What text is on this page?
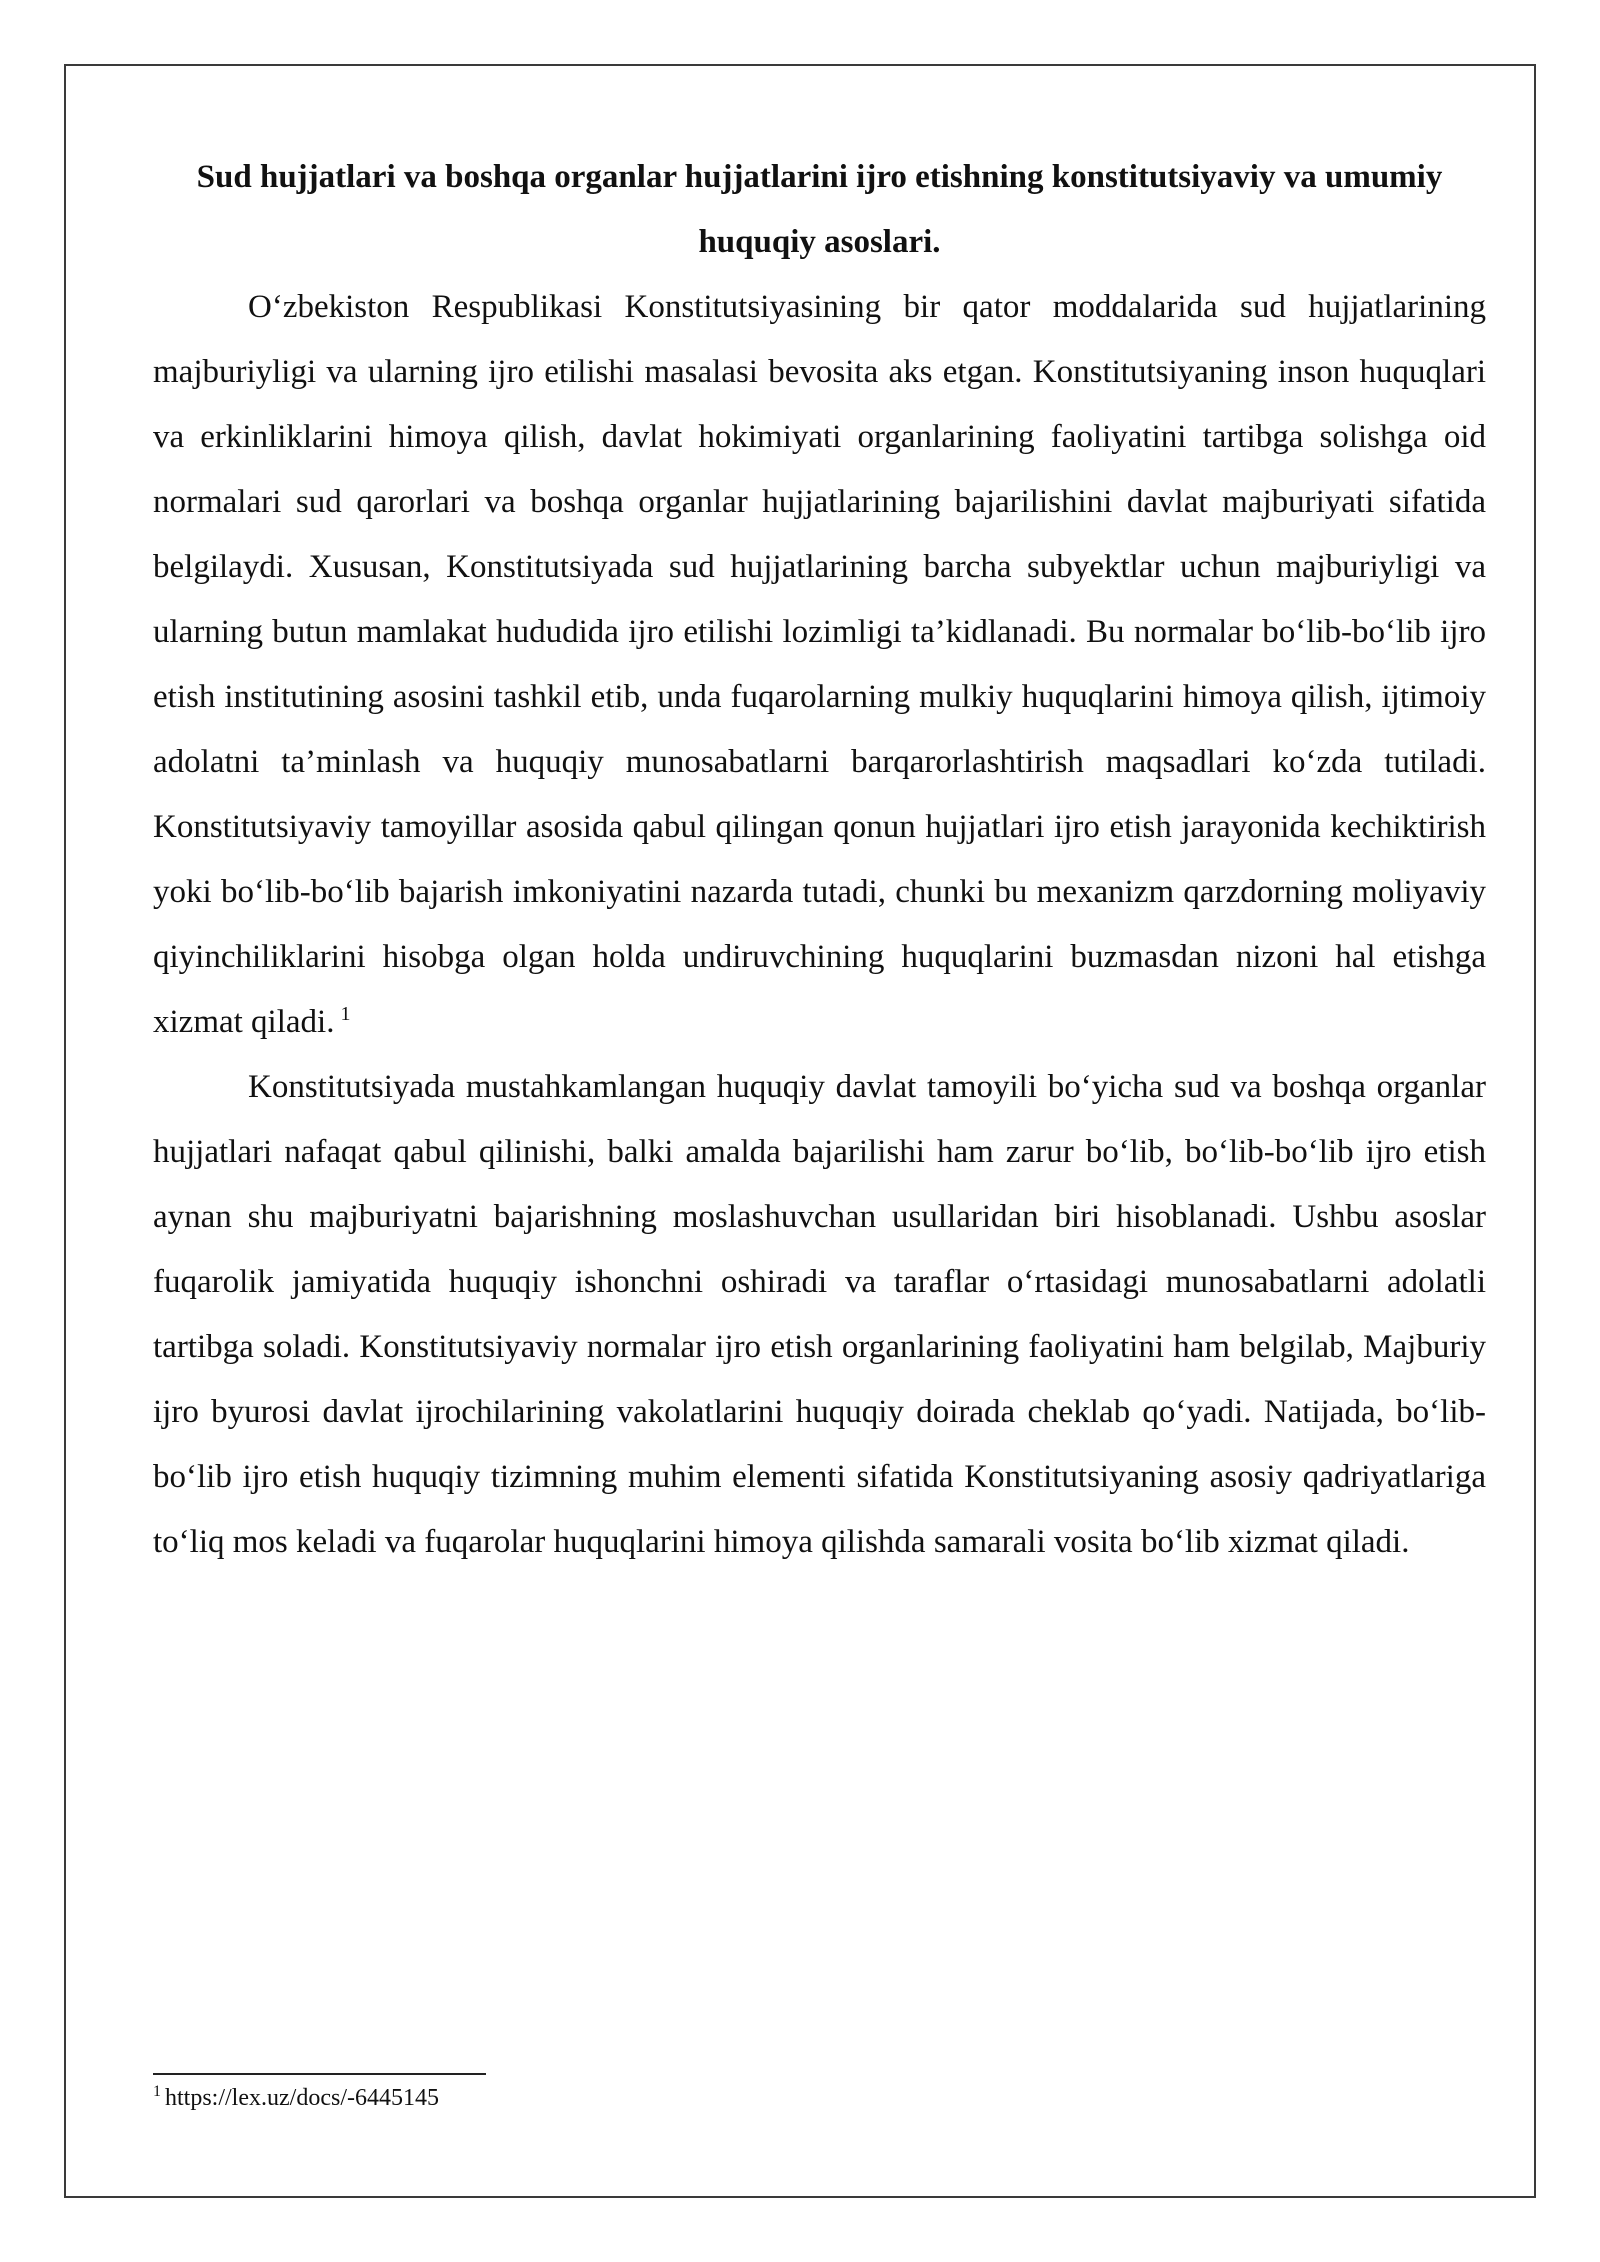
Sud hujjatlari va boshqa organlar hujjatlarini ijro etishning konstitutsiyaviy va umumiy huquqiy asoslari.

O‘zbekiston Respublikasi Konstitutsiyasining bir qator moddalarida sud hujjatlarining majburiyligi va ularning ijro etilishi masalasi bevosita aks etgan. Konstitutsiyaning inson huquqlari va erkinliklarini himoya qilish, davlat hokimiyati organlarining faoliyatini tartibga solishga oid normalari sud qarorlari va boshqa organlar hujjatlarining bajarilishini davlat majburiyati sifatida belgilaydi. Xususan, Konstitutsiyada sud hujjatlarining barcha subyektlar uchun majburiyligi va ularning butun mamlakat hududida ijro etilishi lozimligi ta’kidlanadi. Bu normalar bo‘lib-bo‘lib ijro etish institutining asosini tashkil etib, unda fuqarolarning mulkiy huquqlarini himoya qilish, ijtimoiy adolatni ta’minlash va huquqiy munosabatlarni barqarorlashtirish maqsadlari ko‘zda tutiladi. Konstitutsiyaviy tamoyillar asosida qabul qilingan qonun hujjatlari ijro etish jarayonida kechiktirish yoki bo‘lib-bo‘lib bajarish imkoniyatini nazarda tutadi, chunki bu mexanizm qarzdorning moliyaviy qiyinchiliklarini hisobga olgan holda undiruvchining huquqlarini buzmasdan nizoni hal etishga xizmat qiladi. $^1$

Konstitutsiyada mustahkamlangan huquqiy davlat tamoyili bo‘yicha sud va boshqa organlar hujjatlari nafaqat qabul qilinishi, balki amalda bajarilishi ham zarur bo‘lib, bo‘lib-bo‘lib ijro etish aynan shu majburiyatni bajarishning moslashuvchan usullaridan biri hisoblanadi. Ushbu asoslar fuqarolik jamiyatida huquqiy ishonchni oshiradi va taraflar o‘rtasidagi munosabatlarni adolatli tartibga soladi. Konstitutsiyaviy normalar ijro etish organlarining faoliyatini ham belgilab, Majburiy ijro byurosi davlat ijrochilarining vakolatlarini huquqiy doirada cheklab qo‘yadi. Natijada, bo‘lib-bo‘lib ijro etish huquqiy tizimning muhim elementi sifatida Konstitutsiyaning asosiy qadriyatlariga to‘liq mos keladi va fuqarolar huquqlarini himoya qilishda samarali vosita bo‘lib xizmat qiladi.

$^1$ https://lex.uz/docs/-6445145
